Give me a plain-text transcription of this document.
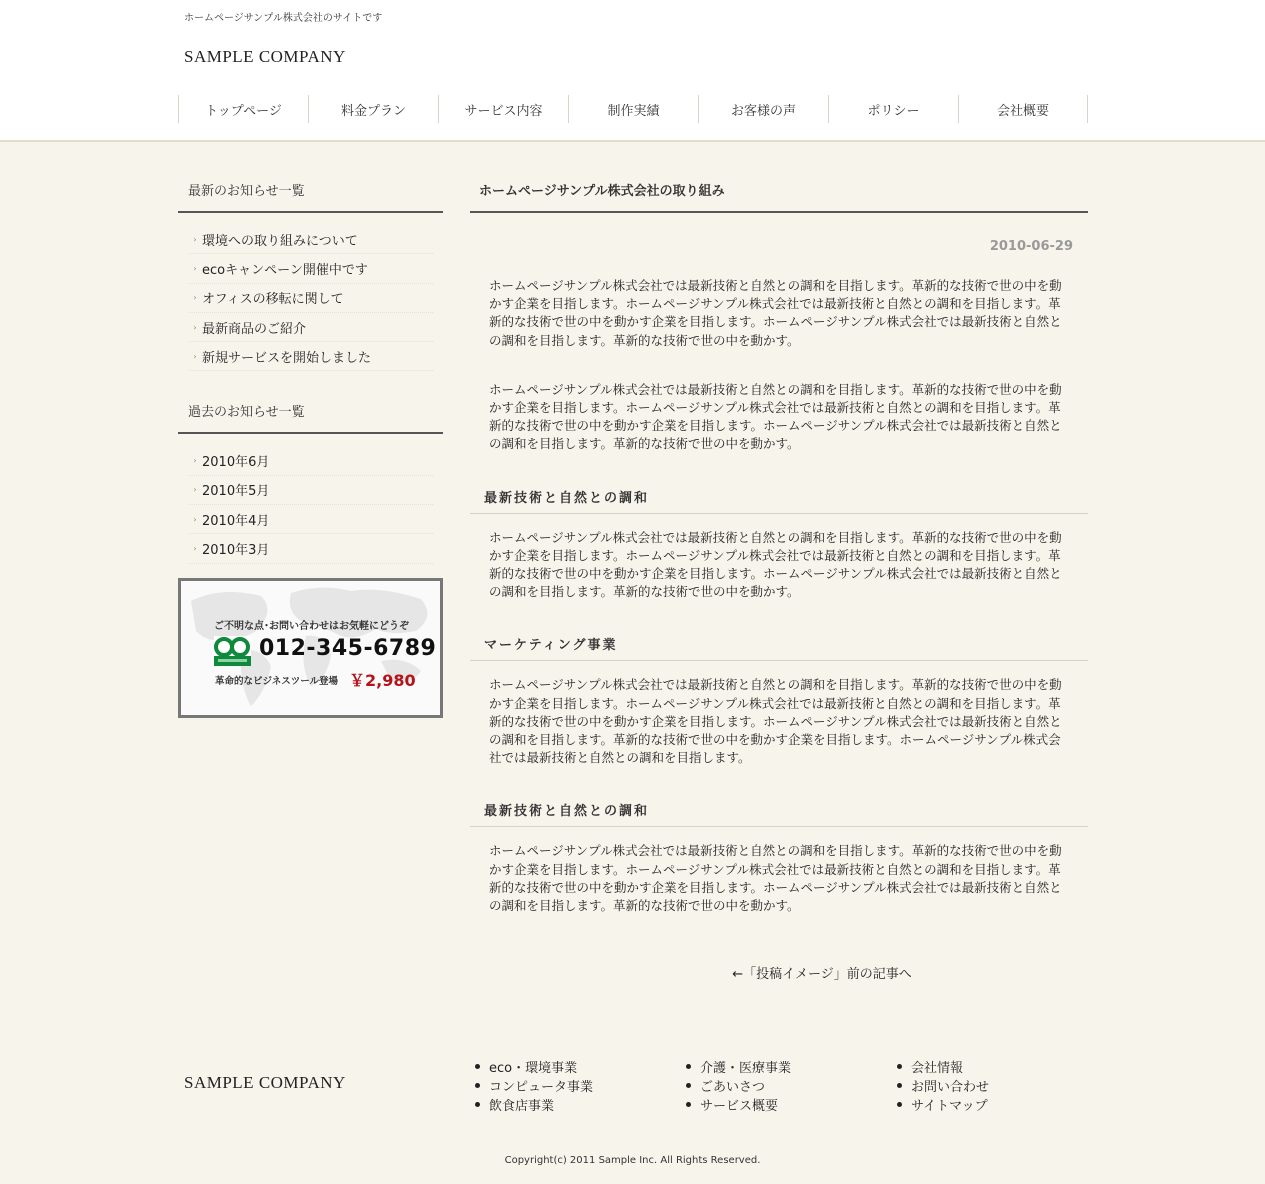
ホームページサンプル株式会社のサイトです
SAMPLE COMPANY
トップページ	料金プラン	サービス内容	制作実績	お客様の声	ポリシー	会社概要
最新のお知らせ一覧
› 環境への取り組みについて
› ecoキャンペーン開催中です
› オフィスの移転に関して
› 最新商品のご紹介
› 新規サービスを開始しました
過去のお知らせ一覧
› 2010年6月
› 2010年5月
› 2010年4月
› 2010年3月
ご不明な点･お問い合わせはお気軽にどうぞ
012-345-6789
革命的なビジネスツール登場 ￥2,980
ホームページサンプル株式会社の取り組み
2010-06-29

ホームページサンプル株式会社では最新技術と自然との調和を目指します。革新的な技術で世の中を動かす企業を目指します。ホームページサンプル株式会社では最新技術と自然との調和を目指します。革新的な技術で世の中を動かす企業を目指します。ホームページサンプル株式会社では最新技術と自然との調和を目指します。革新的な技術で世の中を動かす。

ホームページサンプル株式会社では最新技術と自然との調和を目指します。革新的な技術で世の中を動かす企業を目指します。ホームページサンプル株式会社では最新技術と自然との調和を目指します。革新的な技術で世の中を動かす企業を目指します。ホームページサンプル株式会社では最新技術と自然との調和を目指します。革新的な技術で世の中を動かす。

最新技術と自然との調和

ホームページサンプル株式会社では最新技術と自然との調和を目指します。革新的な技術で世の中を動かす企業を目指します。ホームページサンプル株式会社では最新技術と自然との調和を目指します。革新的な技術で世の中を動かす企業を目指します。ホームページサンプル株式会社では最新技術と自然との調和を目指します。革新的な技術で世の中を動かす。

マーケティング事業

ホームページサンプル株式会社では最新技術と自然との調和を目指します。革新的な技術で世の中を動かす企業を目指します。ホームページサンプル株式会社では最新技術と自然との調和を目指します。革新的な技術で世の中を動かす企業を目指します。ホームページサンプル株式会社では最新技術と自然との調和を目指します。革新的な技術で世の中を動かす企業を目指します。ホームページサンプル株式会社では最新技術と自然との調和を目指します。

最新技術と自然との調和

ホームページサンプル株式会社では最新技術と自然との調和を目指します。革新的な技術で世の中を動かす企業を目指します。ホームページサンプル株式会社では最新技術と自然との調和を目指します。革新的な技術で世の中を動かす企業を目指します。ホームページサンプル株式会社では最新技術と自然との調和を目指します。革新的な技術で世の中を動かす。

←「投稿イメージ」前の記事へ
SAMPLE COMPANY
eco・環境事業
コンピュータ事業
飲食店事業
介護・医療事業
ごあいさつ
サービス概要
会社情報
お問い合わせ
サイトマップ
Copyright(c) 2011 Sample Inc. All Rights Reserved.
